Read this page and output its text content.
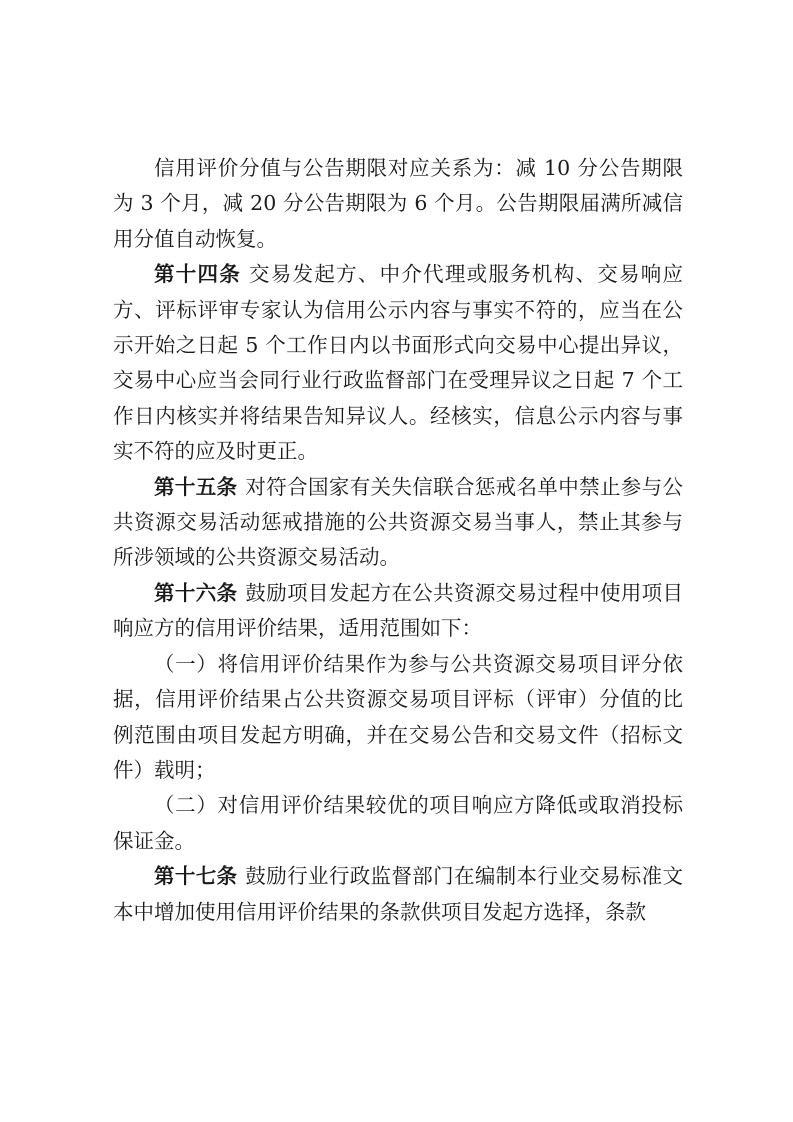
信用评价分值与公告期限对应关系为：减 10 分公告期限为 3 个月，减 20 分公告期限为 6 个月。公告期限届满所减信用分值自动恢复。

第十四条 交易发起方、中介代理或服务机构、交易响应方、评标评审专家认为信用公示内容与事实不符的，应当在公示开始之日起 5 个工作日内以书面形式向交易中心提出异议，交易中心应当会同行业行政监督部门在受理异议之日起 7 个工作日内核实并将结果告知异议人。经核实，信息公示内容与事实不符的应及时更正。

第十五条 对符合国家有关失信联合惩戒名单中禁止参与公共资源交易活动惩戒措施的公共资源交易当事人，禁止其参与所涉领域的公共资源交易活动。

第十六条 鼓励项目发起方在公共资源交易过程中使用项目响应方的信用评价结果，适用范围如下：

（一）将信用评价结果作为参与公共资源交易项目评分依据，信用评价结果占公共资源交易项目评标（评审）分值的比例范围由项目发起方明确，并在交易公告和交易文件（招标文件）载明；

（二）对信用评价结果较优的项目响应方降低或取消投标保证金。

第十七条 鼓励行业行政监督部门在编制本行业交易标准文本中增加使用信用评价结果的条款供项目发起方选择，条款
